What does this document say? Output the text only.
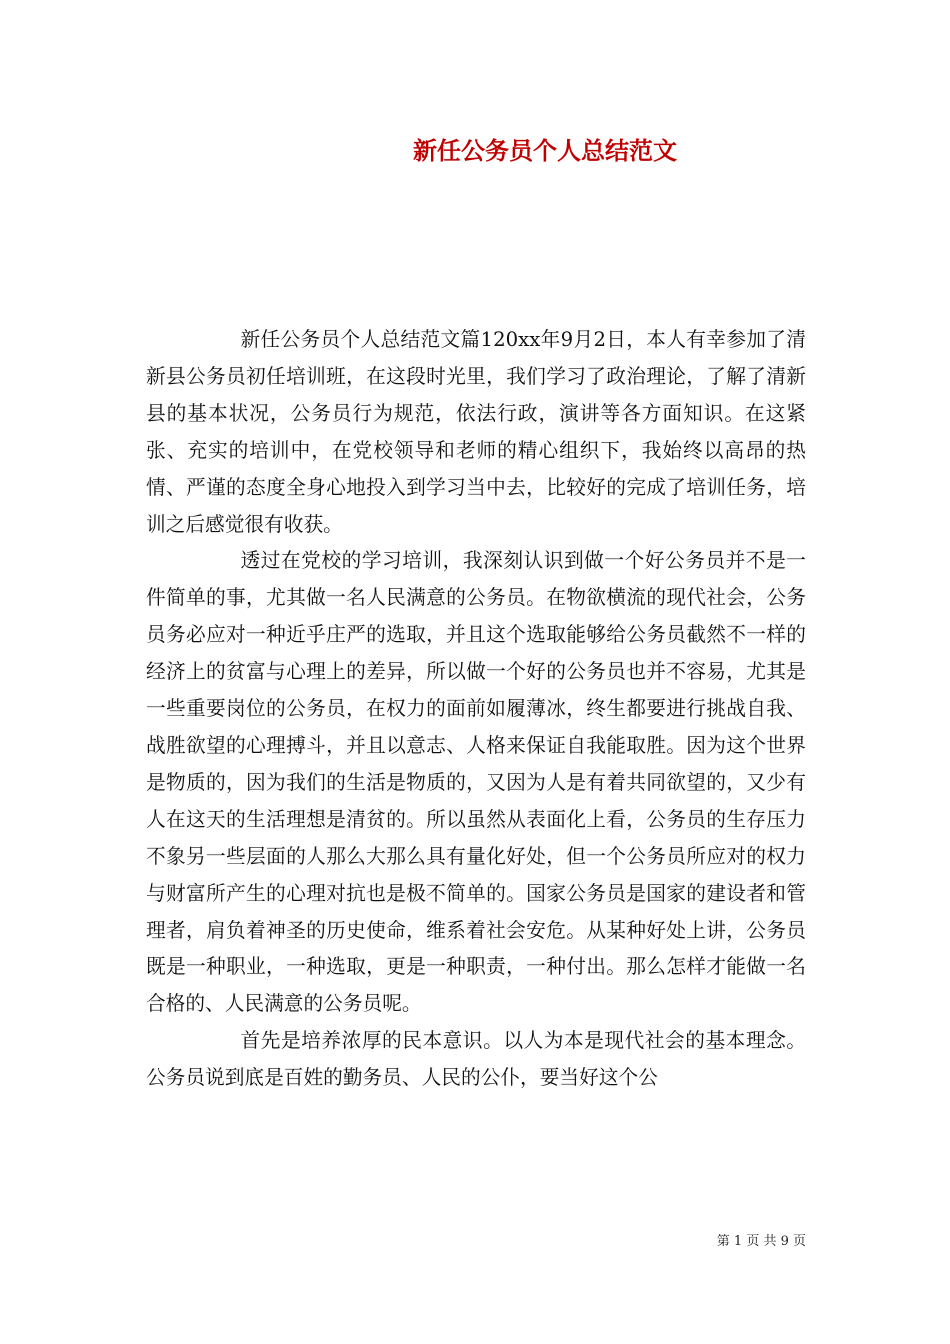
新任公务员个人总结范文

新任公务员个人总结范文篇120xx年9月2日，本人有幸参加了清新县公务员初任培训班，在这段时光里，我们学习了政治理论，了解了清新县的基本状况，公务员行为规范，依法行政，演讲等各方面知识。在这紧张、充实的培训中，在党校领导和老师的精心组织下，我始终以高昂的热情、严谨的态度全身心地投入到学习当中去，比较好的完成了培训任务，培训之后感觉很有收获。

透过在党校的学习培训，我深刻认识到做一个好公务员并不是一件简单的事，尤其做一名人民满意的公务员。在物欲横流的现代社会，公务员务必应对一种近乎庄严的选取，并且这个选取能够给公务员截然不一样的经济上的贫富与心理上的差异，所以做一个好的公务员也并不容易，尤其是一些重要岗位的公务员，在权力的面前如履薄冰，终生都要进行挑战自我、战胜欲望的心理搏斗，并且以意志、人格来保证自我能取胜。因为这个世界是物质的，因为我们的生活是物质的，又因为人是有着共同欲望的，又少有人在这天的生活理想是清贫的。所以虽然从表面化上看，公务员的生存压力不象另一些层面的人那么大那么具有量化好处，但一个公务员所应对的权力与财富所产生的心理对抗也是极不简单的。国家公务员是国家的建设者和管理者，肩负着神圣的历史使命，维系着社会安危。从某种好处上讲，公务员既是一种职业，一种选取，更是一种职责，一种付出。那么怎样才能做一名合格的、人民满意的公务员呢。

首先是培养浓厚的民本意识。以人为本是现代社会的基本理念。公务员说到底是百姓的勤务员、人民的公仆，要当好这个公

第 1 页 共 9 页
